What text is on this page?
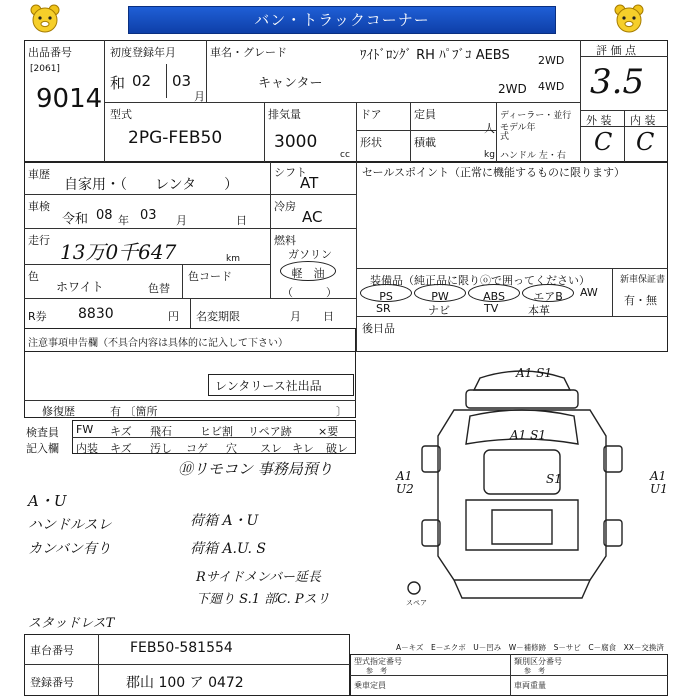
バン・トラックコーナー
出品番号
[2061]
9014
初度登録年月
和 02 03
月
車名・グレード	ﾜｲﾄﾞﾛﾝｸﾞ RH ﾊﾟﾌﾞｺ AEBS
キャンター	2WD
2WD
4WD
評 価 点
3.5
外 装 内 装
C C
型式
2PG-FEB50
排気量
3000
cc
ドア
形状
定員
人
積載
kg
ディーラー・並行
モデル年式
ハンドル 左・右
車歴
自家用・（　　レンタ　　）
シフト
AT
車検
令和 08 年 03 月	日
冷房
AC
走行 13万0千647	km
燃料
ガソリン
軽　油
（　　　）
色
ホワイト	色替
色コード
R券 8830	円 名変期限	月　　日
セールスポイント（正常に機能するものに限ります）
装備品（純正品に限りⓞで囲ってください）	新車保証書
有・無
PS	PW	ABS	エアB	AW
SR	ナビ	TV	本革
後日品
注意事項申告欄（不具合内容は具体的に記入して下さい）
レンタリース社出品
修復歴	有 〔箇所	〕
検査員
記入欄
FW キズ 飛石	ヒビ割 リペア跡 ×要
内装 キズ 汚し コゲ 穴 スレ キレ 破レ
⑩リモコン 事務局預り
A・U
ハンドルスレ
カンバン有り
スタッドレスT
荷箱 A・U
荷箱 A.U. S
Rサイドメンバー延長
下廻り S.1 部C. Pスリ
A1 S1
A1 S1
A1 U2
S1	A1 U1
スペア
A－キズ　E－エクボ　U－凹み　W－補修跡　S－サビ　C－腐食　XX－交換済
車台番号	FEB50-581554
登録番号	郡山 100 ア 0472
型式指定番号
参　考
類別区分番号
参　考
乗車定員	車両重量
